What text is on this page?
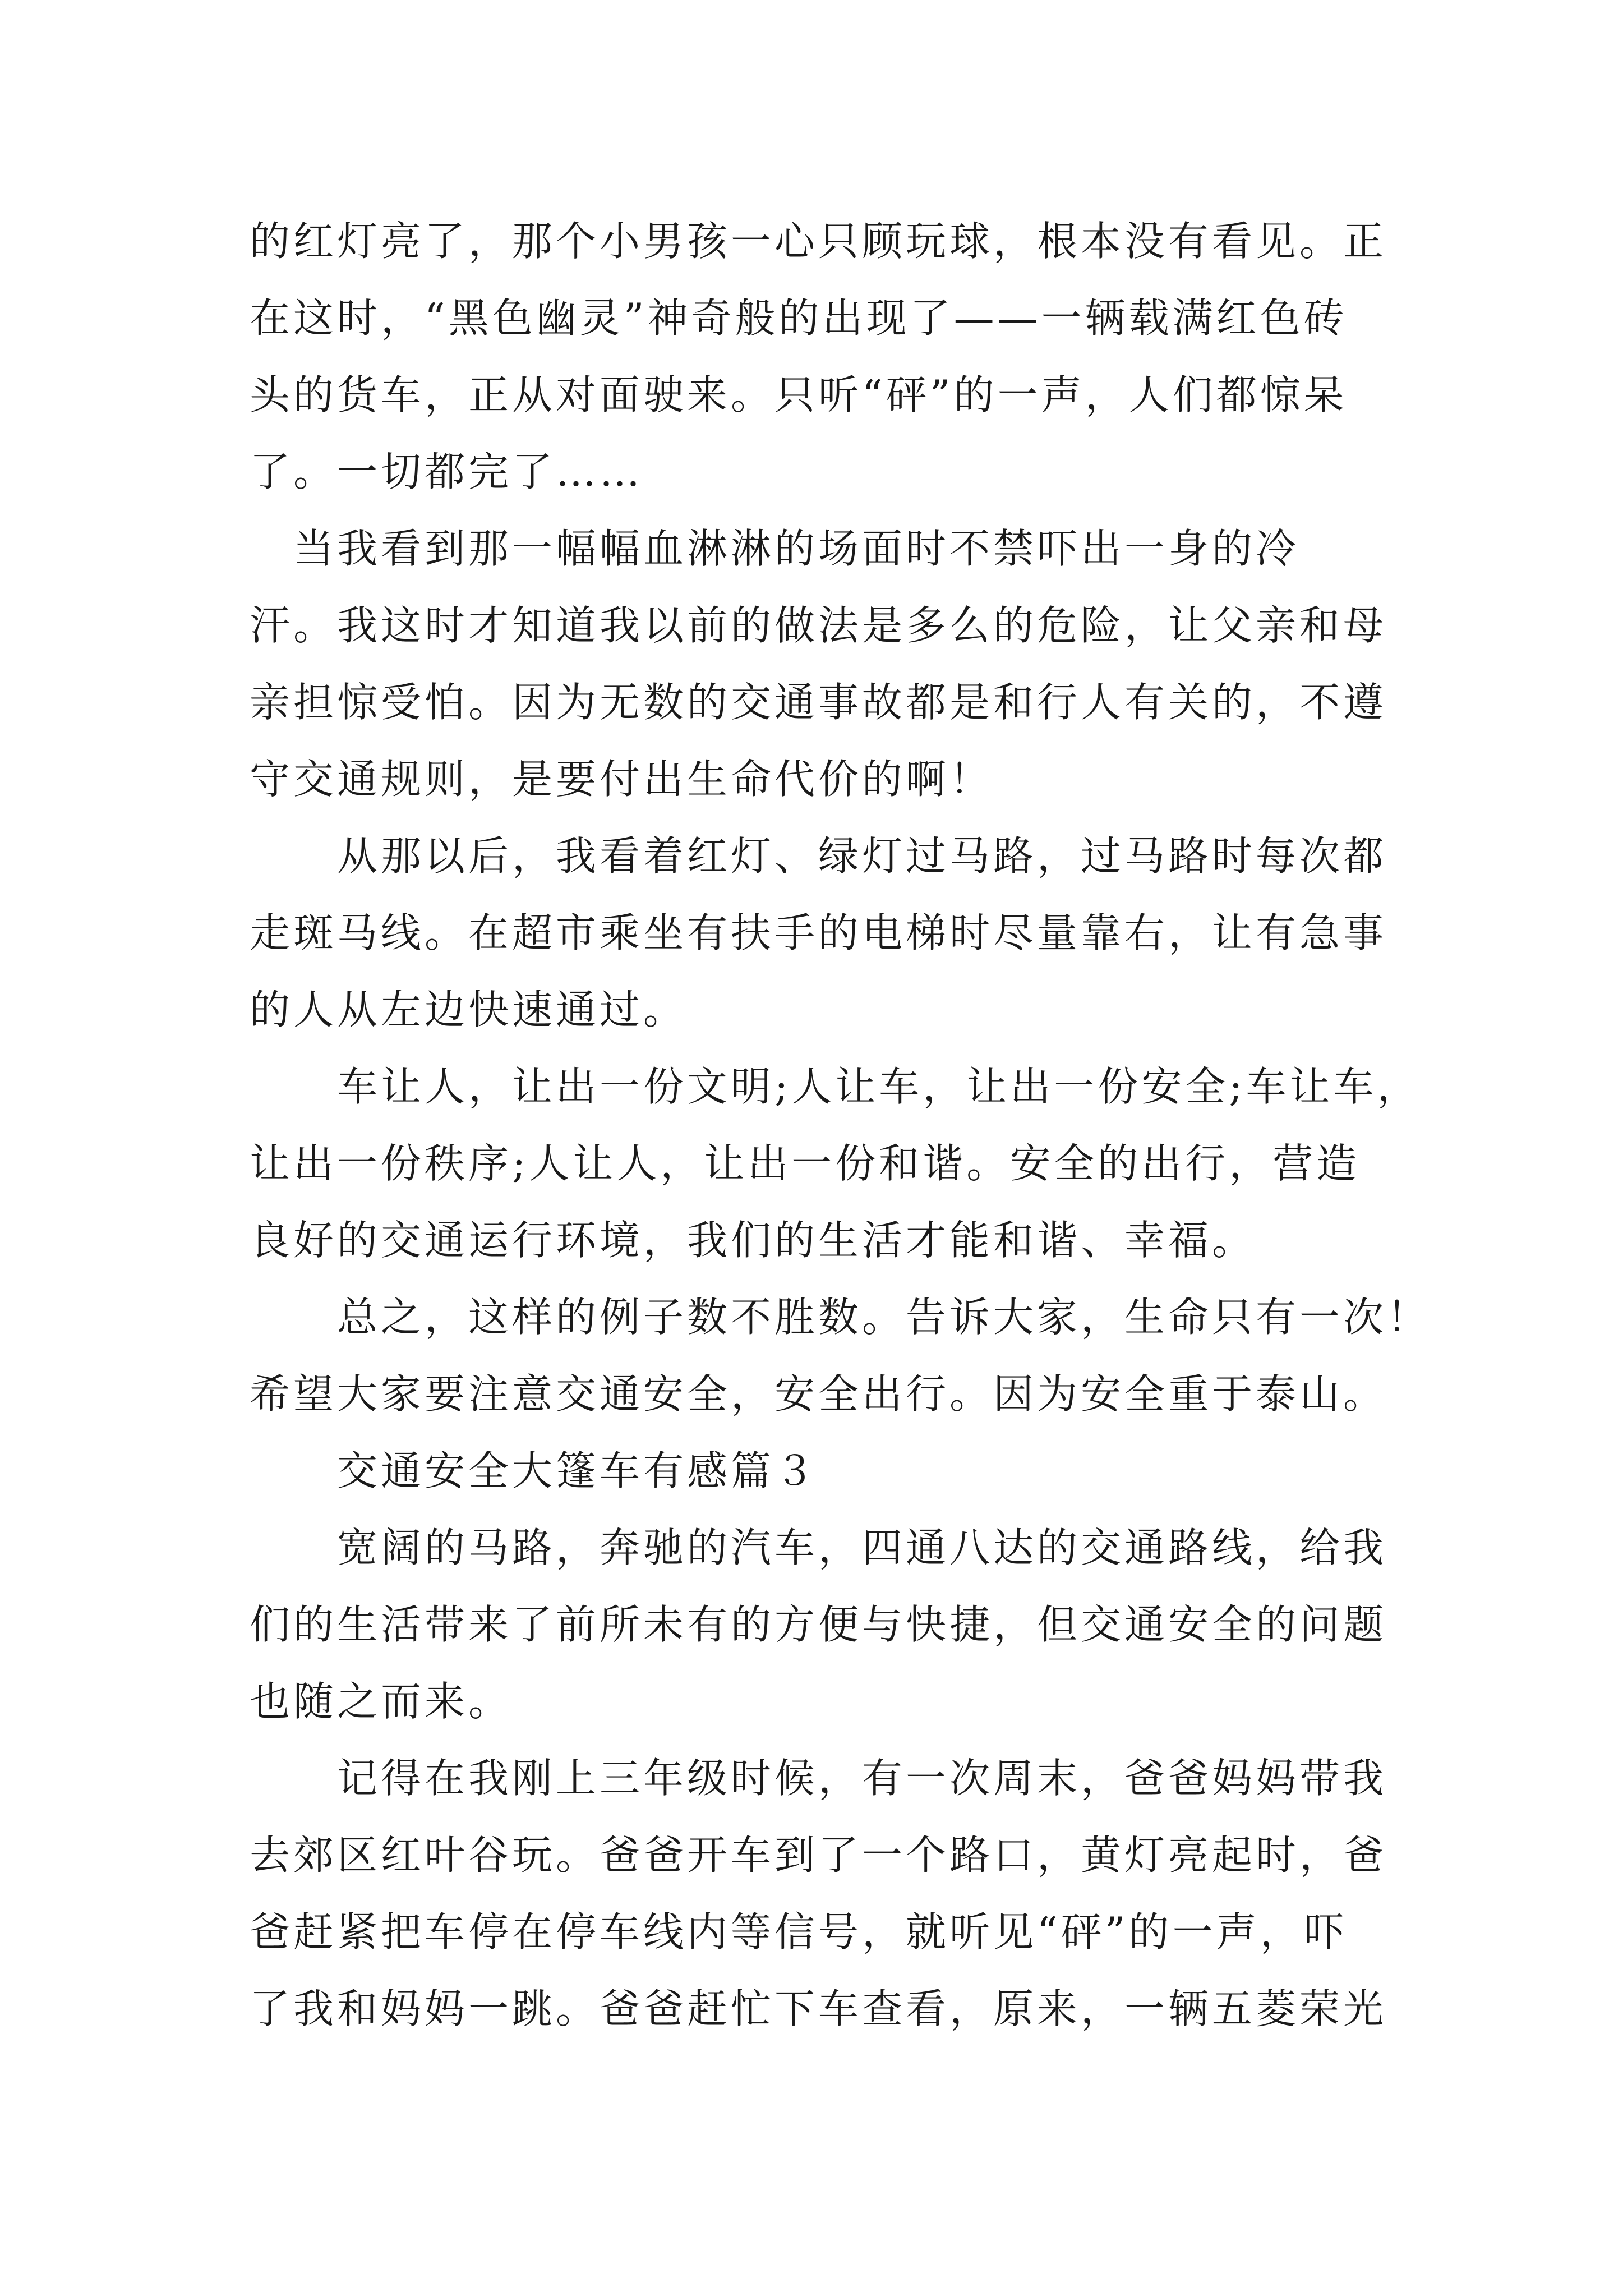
的红灯亮了，那个小男孩一心只顾玩球，根本没有看见。正
在这时，“黑色幽灵”神奇般的出现了——一辆载满红色砖
头的货车，正从对面驶来。只听“砰”的一声，人们都惊呆
了。一切都完了……
　当我看到那一幅幅血淋淋的场面时不禁吓出一身的冷
汗。我这时才知道我以前的做法是多么的危险，让父亲和母
亲担惊受怕。因为无数的交通事故都是和行人有关的，不遵
守交通规则，是要付出生命代价的啊！
　　从那以后，我看着红灯、绿灯过马路，过马路时每次都
走斑马线。在超市乘坐有扶手的电梯时尽量靠右，让有急事
的人从左边快速通过。
　　车让人，让出一份文明;人让车，让出一份安全;车让车，
让出一份秩序;人让人，让出一份和谐。安全的出行，营造
良好的交通运行环境，我们的生活才能和谐、幸福。
　　总之，这样的例子数不胜数。告诉大家，生命只有一次！
希望大家要注意交通安全，安全出行。因为安全重于泰山。
　　交通安全大篷车有感篇３
　　宽阔的马路，奔驰的汽车，四通八达的交通路线，给我
们的生活带来了前所未有的方便与快捷，但交通安全的问题
也随之而来。
　　记得在我刚上三年级时候，有一次周末，爸爸妈妈带我
去郊区红叶谷玩。爸爸开车到了一个路口，黄灯亮起时，爸
爸赶紧把车停在停车线内等信号，就听见“砰”的一声，吓
了我和妈妈一跳。爸爸赶忙下车查看，原来，一辆五菱荣光
